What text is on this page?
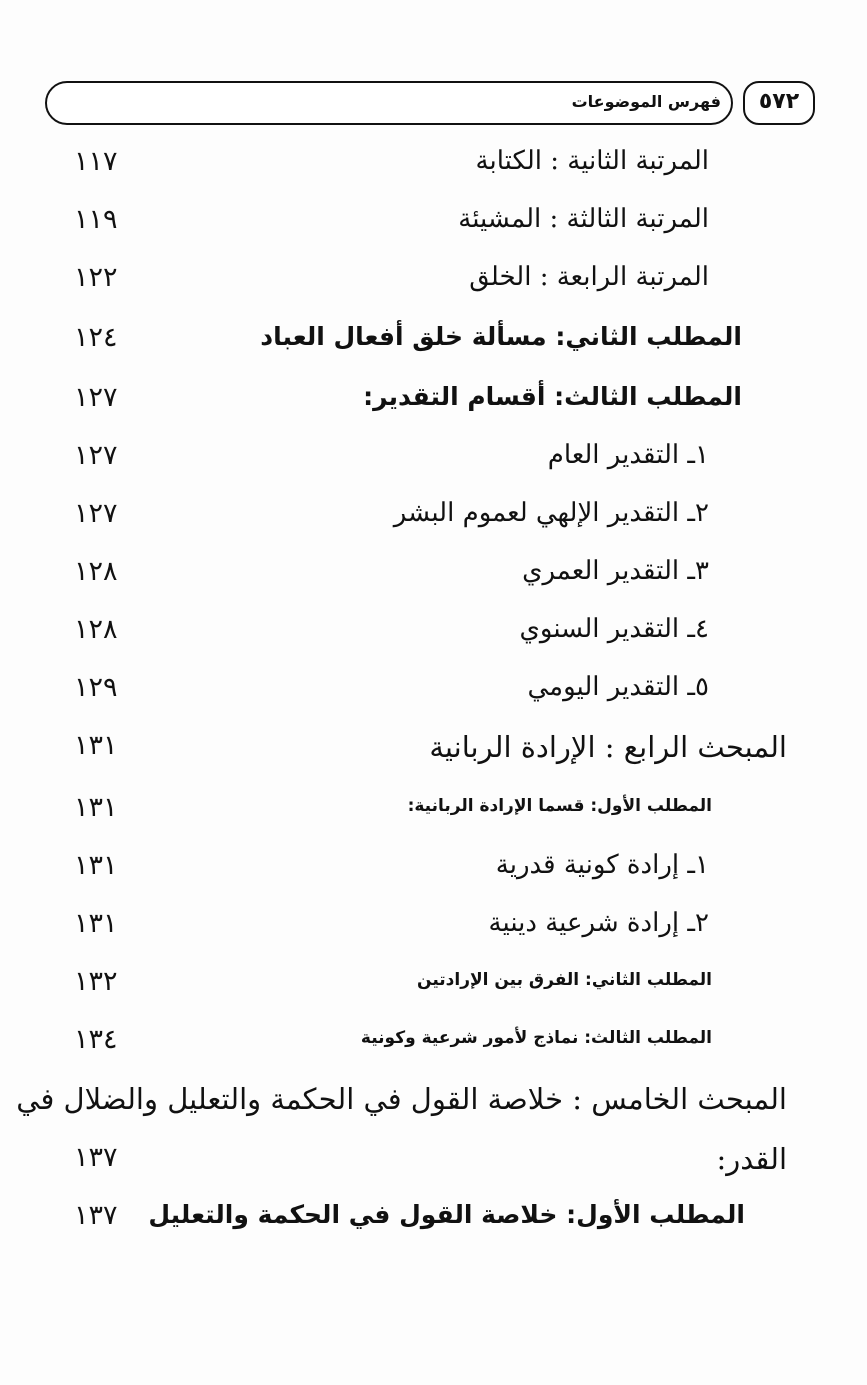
فهرس الموضوعات	٥٧٢
المرتبة الثانية : الكتابة
١١٧
المرتبة الثالثة : المشيئة
١١٩
المرتبة الرابعة : الخلق
١٢٢
المطلب الثاني: مسألة خلق أفعال العباد
١٢٤
المطلب الثالث: أقسام التقدير:
١٢٧
١ـ التقدير العام
١٢٧
٢ـ التقدير الإلهي لعموم البشر
١٢٧
٣ـ التقدير العمري
١٢٨
٤ـ التقدير السنوي
١٢٨
٥ـ التقدير اليومي
١٢٩
المبحث الرابع : الإرادة الربانية
١٣١
المطلب الأول: قسما الإرادة الربانية:
١٣١
١ـ إرادة كونية قدرية
١٣١
٢ـ إرادة شرعية دينية
١٣١
المطلب الثاني: الفرق بين الإرادتين
١٣٢
المطلب الثالث: نماذج لأمور شرعية وكونية
١٣٤
المبحث الخامس : خلاصة القول في الحكمة والتعليل والضلال في
القدر:
١٣٧
المطلب الأول: خلاصة القول في الحكمة والتعليل
١٣٧
